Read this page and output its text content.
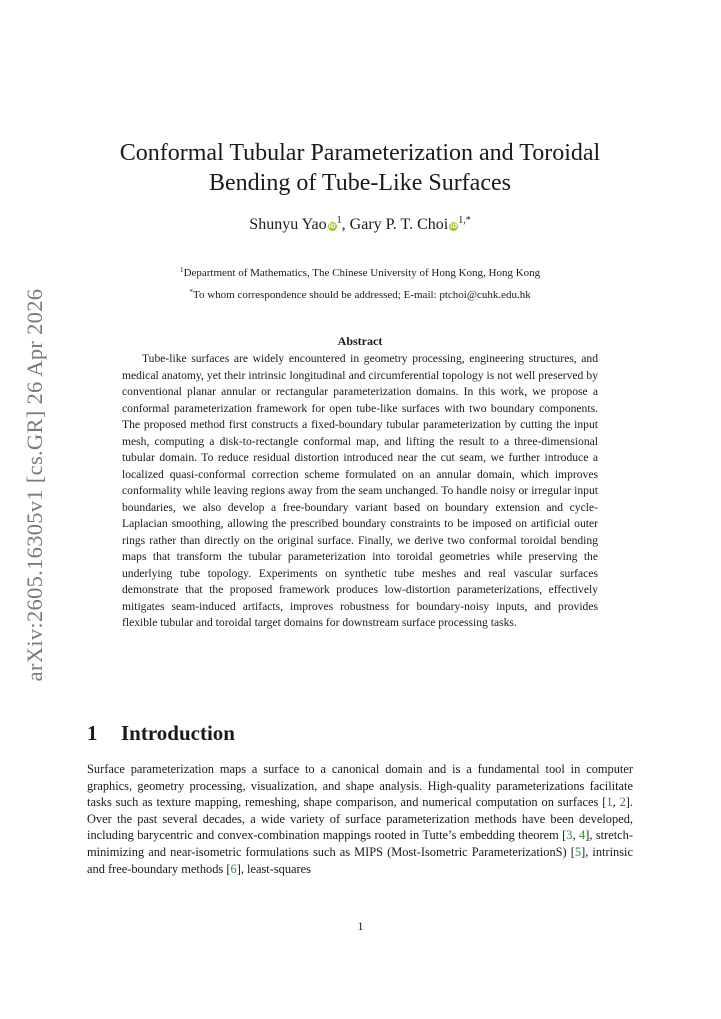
arXiv:2605.16305v1 [cs.GR] 26 Apr 2026
Conformal Tubular Parameterization and Toroidal
Bending of Tube-Like Surfaces
Shunyu Yao $iD^1$, Gary P. T. Choi $iD^{1,*}$
$^1$Department of Mathematics, The Chinese University of Hong Kong, Hong Kong
*To whom correspondence should be addressed; E-mail: ptchoi@cuhk.edu.hk
Abstract
Tube-like surfaces are widely encountered in geometry processing, engineering structures, and medical anatomy, yet their intrinsic longitudinal and circumferential topology is not well preserved by conventional planar annular or rectangular parameterization domains. In this work, we propose a conformal parameterization framework for open tube-like surfaces with two boundary components. The proposed method first constructs a fixed-boundary tubular parameterization by cutting the input mesh, computing a disk-to-rectangle conformal map, and lifting the result to a three-dimensional tubular domain. To reduce residual distortion introduced near the cut seam, we further introduce a localized quasi-conformal correction scheme formulated on an annular domain, which improves conformality while leaving regions away from the seam unchanged. To handle noisy or irregular input boundaries, we also develop a free-boundary variant based on boundary extension and cycle-Laplacian smoothing, allowing the prescribed boundary constraints to be imposed on artificial outer rings rather than directly on the original surface. Finally, we derive two conformal toroidal bending maps that transform the tubular parameterization into toroidal geometries while preserving the underlying tube topology. Experiments on synthetic tube meshes and real vascular surfaces demonstrate that the proposed framework produces low-distortion parameterizations, effectively mitigates seam-induced artifacts, improves robustness for boundary-noisy inputs, and provides flexible tubular and toroidal target domains for downstream surface processing tasks.
1 Introduction
Surface parameterization maps a surface to a canonical domain and is a fundamental tool in computer graphics, geometry processing, visualization, and shape analysis. High-quality parameterizations facilitate tasks such as texture mapping, remeshing, shape comparison, and numerical computation on surfaces [1, 2]. Over the past several decades, a wide variety of surface parameterization methods have been developed, including barycentric and convex-combination mappings rooted in Tutte’s embedding theorem [3, 4], stretch-minimizing and near-isometric formulations such as MIPS (Most-Isometric ParameterizationS) [5], intrinsic and free-boundary methods [6], least-squares
1
